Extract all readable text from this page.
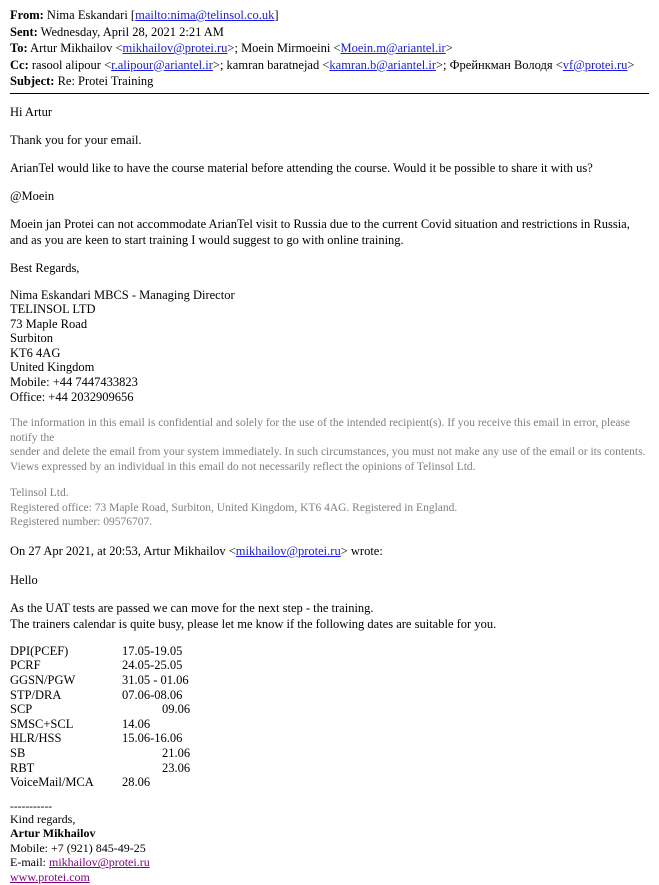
From: Nima Eskandari [mailto:nima@telinsol.co.uk]
Sent: Wednesday, April 28, 2021 2:21 AM
To: Artur Mikhailov <mikhailov@protei.ru>; Moein Mirmoeini <Moein.m@ariantel.ir>
Cc: rasool alipour <r.alipour@ariantel.ir>; kamran baratnejad <kamran.b@ariantel.ir>; Фрейнкман Володя <vf@protei.ru>
Subject: Re: Protei Training
Hi Artur
Thank you for your email.
ArianTel would like to have the course material before attending the course. Would it be possible to share it with us?
@Moein
Moein jan Protei can not accommodate ArianTel visit to Russia due to the current Covid situation and restrictions in Russia, and as you are keen to start training I would suggest to go with online training.
Best Regards,
Nima Eskandari MBCS - Managing Director
TELINSOL LTD
73 Maple Road
Surbiton
KT6 4AG
United Kingdom
Mobile: +44 7447433823
Office: +44 2032909656
The information in this email is confidential and solely for the use of the intended recipient(s). If you receive this email in error, please notify the
sender and delete the email from your system immediately. In such circumstances, you must not make any use of the email or its contents.
Views expressed by an individual in this email do not necessarily reflect the opinions of Telinsol Ltd.
Telinsol Ltd.
Registered office: 73 Maple Road, Surbiton, United Kingdom, KT6 4AG. Registered in England.
Registered number: 09576707.
On 27 Apr 2021, at 20:53, Artur Mikhailov <mikhailov@protei.ru> wrote:
Hello
As the UAT tests are passed we can move for the next step - the training.
The trainers calendar is quite busy, please let me know if the following dates are suitable for you.
DPI(PCEF)	17.05-19.05
PCRF	24.05-25.05
GGSN/PGW	31.05 - 01.06
STP/DRA	07.06-08.06
SCP	09.06
SMSC+SCL	14.06
HLR/HSS	15.06-16.06
SB	21.06
RBT	23.06
VoiceMail/MCA 28.06
-----------
Kind regards,
Artur Mikhailov
Mobile: +7 (921) 845-49-25
E-mail: mikhailov@protei.ru
www.protei.com
